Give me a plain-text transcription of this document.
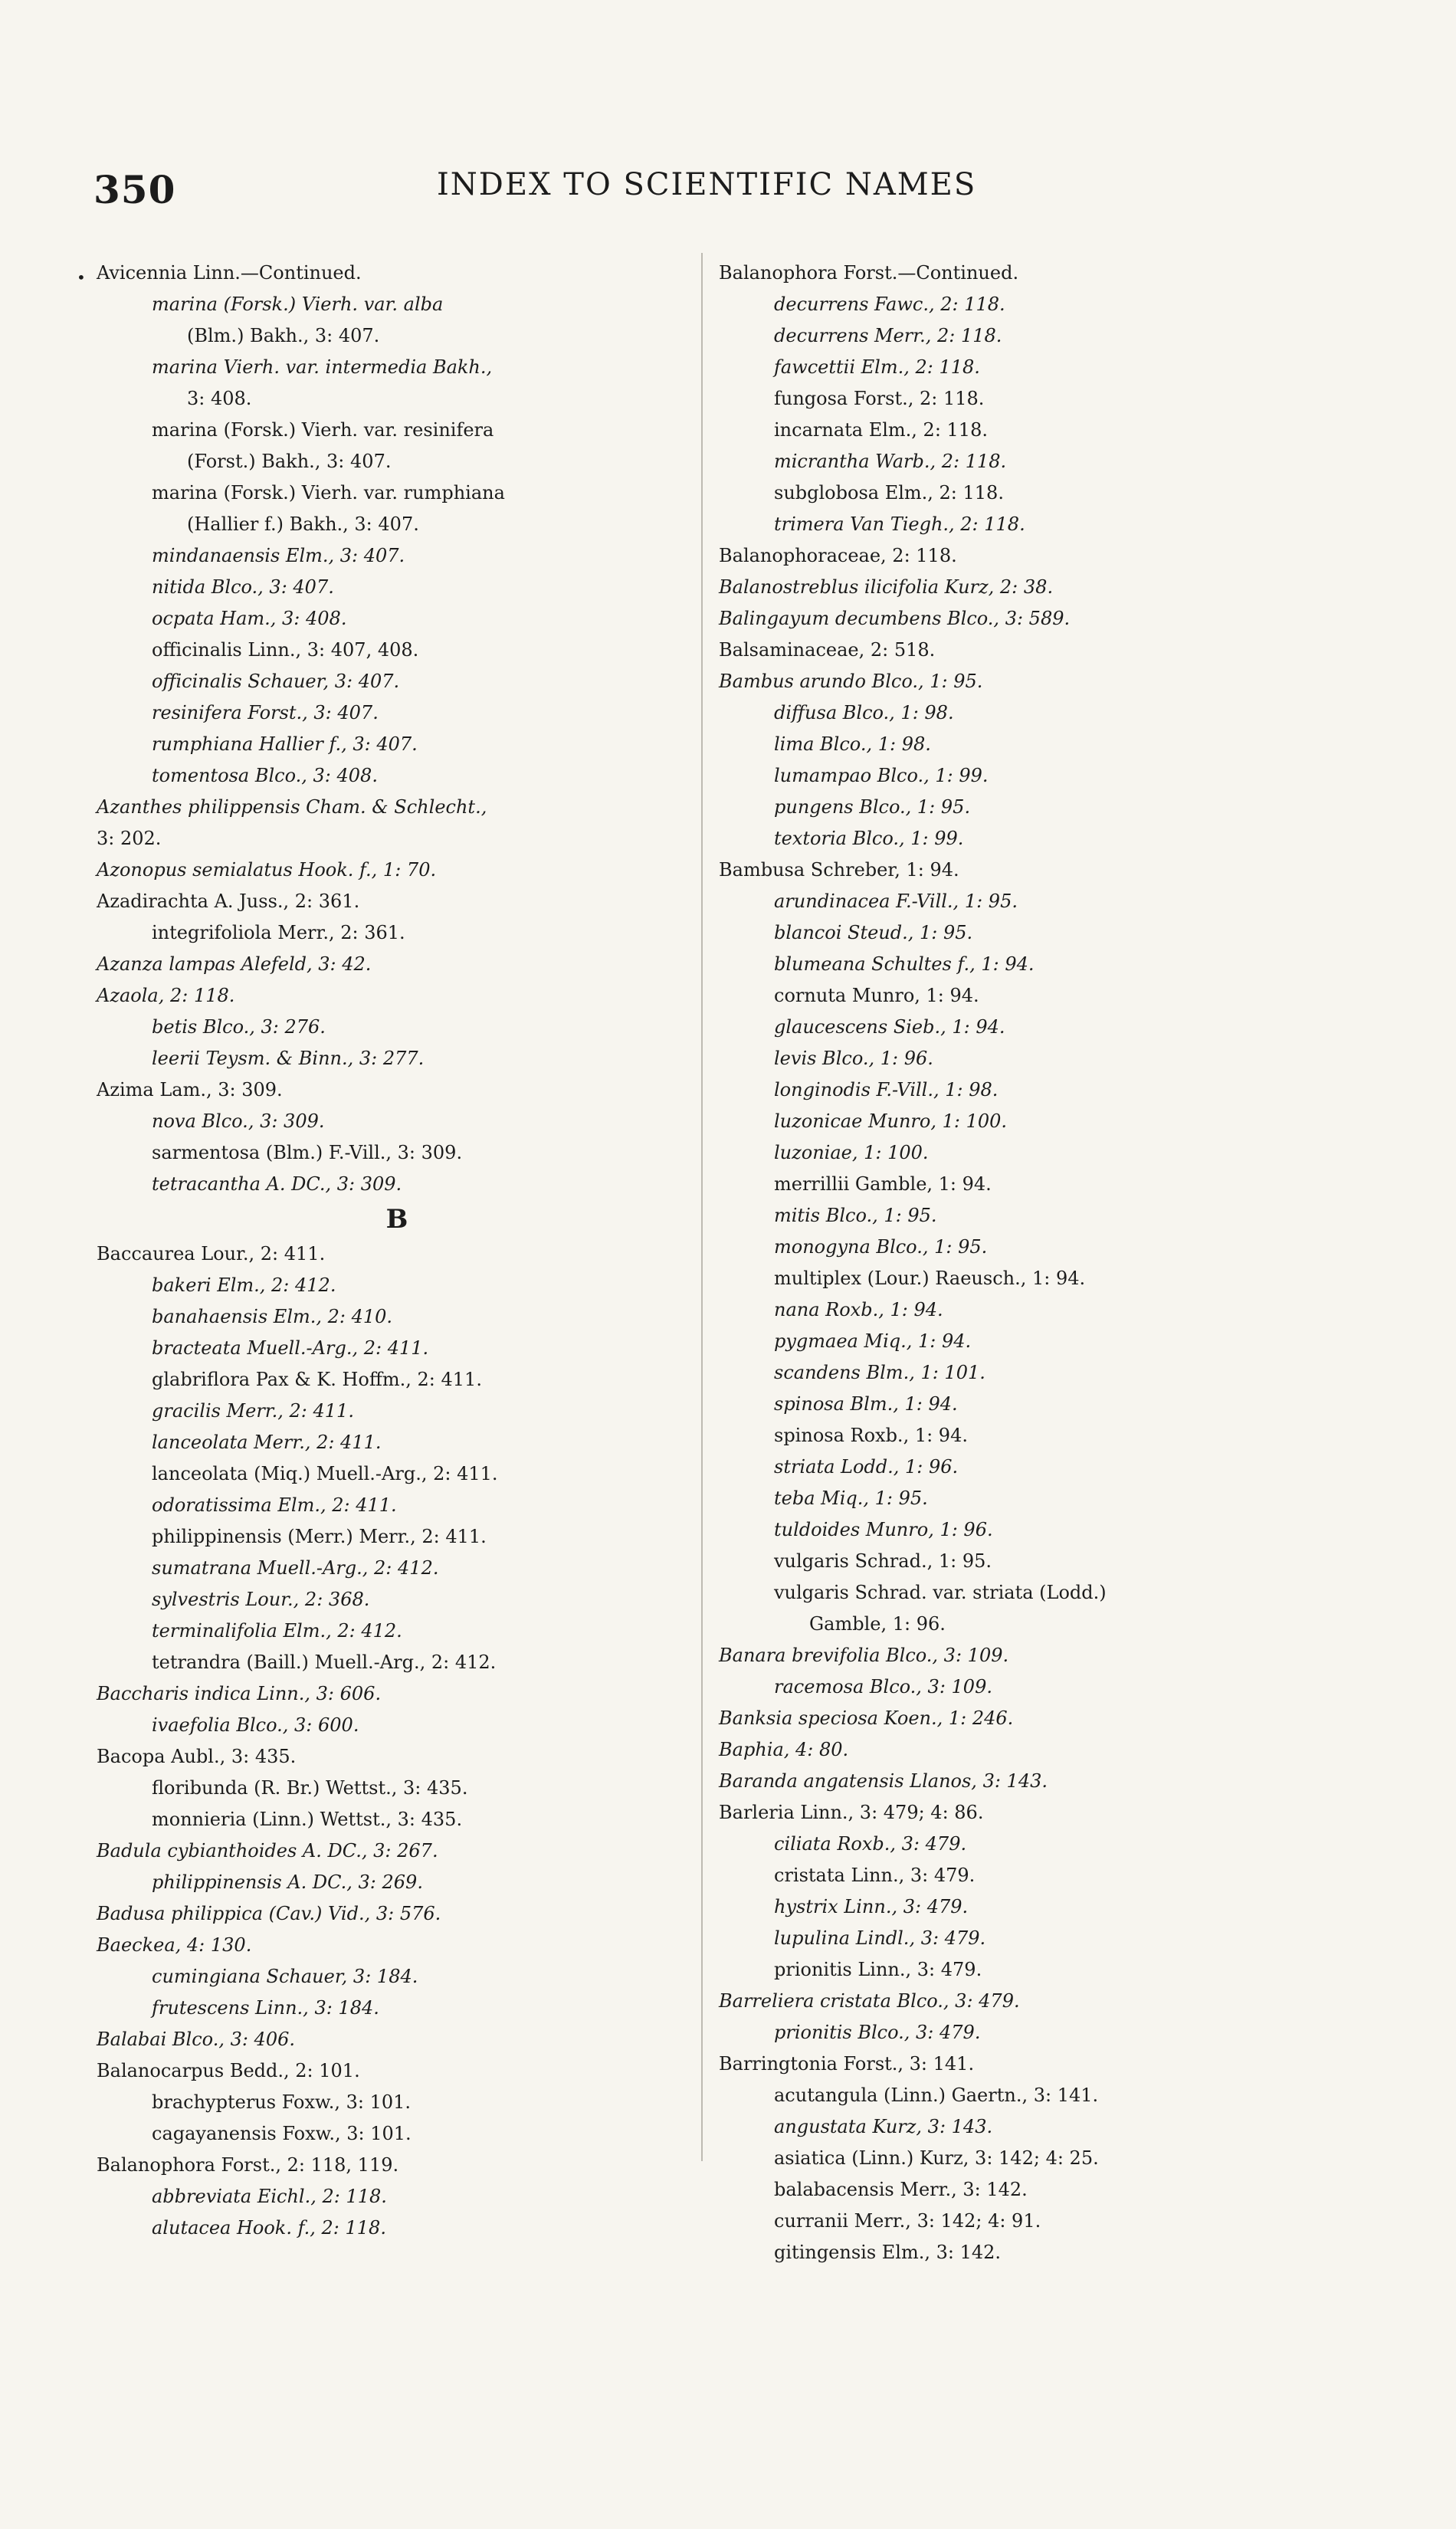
350	INDEX TO SCIENTIFIC NAMES
• Avicennia Linn.—Continued.
marina (Forsk.) Vierh. var. alba
(Blm.) Bakh., 3: 407.
marina Vierh. var. intermedia Bakh.,
3: 408.
marina (Forsk.) Vierh. var. resinifera
(Forst.) Bakh., 3: 407.
marina (Forsk.) Vierh. var. rumphiana
(Hallier f.) Bakh., 3: 407.
mindanaensis Elm., 3: 407.
nitida Blco., 3: 407.
ocpata Ham., 3: 408.
officinalis Linn., 3: 407, 408.
officinalis Schauer, 3: 407.
resinifera Forst., 3: 407.
rumphiana Hallier f., 3: 407.
tomentosa Blco., 3: 408.
Azanthes philippensis Cham. & Schlecht.,
3: 202.
Azonopus semialatus Hook. f., 1: 70.
Azadirachta A. Juss., 2: 361.
integrifoliola Merr., 2: 361.
Azanza lampas Alefeld, 3: 42.
Azaola, 2: 118.
betis Blco., 3: 276.
leerii Teysm. & Binn., 3: 277.
Azima Lam., 3: 309.
nova Blco., 3: 309.
sarmentosa (Blm.) F.-Vill., 3: 309.
tetracantha A. DC., 3: 309.
B
Baccaurea Lour., 2: 411.
bakeri Elm., 2: 412.
banahaensis Elm., 2: 410.
bracteata Muell.-Arg., 2: 411.
glabriflora Pax & K. Hoffm., 2: 411.
gracilis Merr., 2: 411.
lanceolata Merr., 2: 411.
lanceolata (Miq.) Muell.-Arg., 2: 411.
odoratissima Elm., 2: 411.
philippinensis (Merr.) Merr., 2: 411.
sumatrana Muell.-Arg., 2: 412.
sylvestris Lour., 2: 368.
terminalifolia Elm., 2: 412.
tetrandra (Baill.) Muell.-Arg., 2: 412.
Baccharis indica Linn., 3: 606.
ivaefolia Blco., 3: 600.
Bacopa Aubl., 3: 435.
floribunda (R. Br.) Wettst., 3: 435.
monnieria (Linn.) Wettst., 3: 435.
Badula cybianthoides A. DC., 3: 267.
philippinensis A. DC., 3: 269.
Badusa philippica (Cav.) Vid., 3: 576.
Baeckea, 4: 130.
cumingiana Schauer, 3: 184.
frutescens Linn., 3: 184.
Balabai Blco., 3: 406.
Balanocarpus Bedd., 2: 101.
brachypterus Foxw., 3: 101.
cagayanensis Foxw., 3: 101.
Balanophora Forst., 2: 118, 119.
abbreviata Eichl., 2: 118.
alutacea Hook. f., 2: 118.
Balanophora Forst.—Continued.
decurrens Fawc., 2: 118.
decurrens Merr., 2: 118.
fawcettii Elm., 2: 118.
fungosa Forst., 2: 118.
incarnata Elm., 2: 118.
micrantha Warb., 2: 118.
subglobosa Elm., 2: 118.
trimera Van Tiegh., 2: 118.
Balanophoraceae, 2: 118.
Balanostreblus ilicifolia Kurz, 2: 38.
Balingayum decumbens Blco., 3: 589.
Balsaminaceae, 2: 518.
Bambus arundo Blco., 1: 95.
diffusa Blco., 1: 98.
lima Blco., 1: 98.
lumampao Blco., 1: 99.
pungens Blco., 1: 95.
textoria Blco., 1: 99.
Bambusa Schreber, 1: 94.
arundinacea F.-Vill., 1: 95.
blancoi Steud., 1: 95.
blumeana Schultes f., 1: 94.
cornuta Munro, 1: 94.
glaucescens Sieb., 1: 94.
levis Blco., 1: 96.
longinodis F.-Vill., 1: 98.
luzonicae Munro, 1: 100.
luzoniae, 1: 100.
merrillii Gamble, 1: 94.
mitis Blco., 1: 95.
monogyna Blco., 1: 95.
multiplex (Lour.) Raeusch., 1: 94.
nana Roxb., 1: 94.
pygmaea Miq., 1: 94.
scandens Blm., 1: 101.
spinosa Blm., 1: 94.
spinosa Roxb., 1: 94.
striata Lodd., 1: 96.
teba Miq., 1: 95.
tuldoides Munro, 1: 96.
vulgaris Schrad., 1: 95.
vulgaris Schrad. var. striata (Lodd.)
Gamble, 1: 96.
Banara brevifolia Blco., 3: 109.
racemosa Blco., 3: 109.
Banksia speciosa Koen., 1: 246.
Baphia, 4: 80.
Baranda angatensis Llanos, 3: 143.
Barleria Linn., 3: 479; 4: 86.
ciliata Roxb., 3: 479.
cristata Linn., 3: 479.
hystrix Linn., 3: 479.
lupulina Lindl., 3: 479.
prionitis Linn., 3: 479.
Barreliera cristata Blco., 3: 479.
prionitis Blco., 3: 479.
Barringtonia Forst., 3: 141.
acutangula (Linn.) Gaertn., 3: 141.
angustata Kurz, 3: 143.
asiatica (Linn.) Kurz, 3: 142; 4: 25.
balabacensis Merr., 3: 142.
curranii Merr., 3: 142; 4: 91.
gitingensis Elm., 3: 142.
